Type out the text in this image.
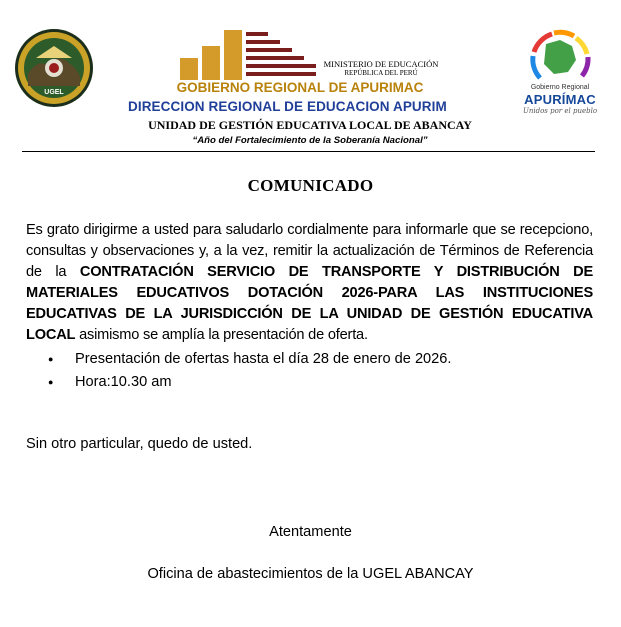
UGEL
MINISTERIO DE EDUCACIÓN
REPÚBLICA DEL PERÚ
GOBIERNO REGIONAL DE APURIMAC
DIRECCION REGIONAL DE EDUCACION APURIM
UNIDAD DE GESTIÓN EDUCATIVA LOCAL DE ABANCAY
“Año del Fortalecimiento de la Soberanía Nacional”
Gobierno Regional
APURÍMAC
Unidos por el pueblo
COMUNICADO
Es grato dirigirme a usted para saludarlo cordialmente para informarle que se recepciono, consultas y observaciones y, a la vez, remitir la actualización de Términos de Referencia de la CONTRATACIÓN SERVICIO DE TRANSPORTE Y DISTRIBUCIÓN DE MATERIALES EDUCATIVOS DOTACIÓN 2026-PARA LAS INSTITUCIONES EDUCATIVAS DE LA JURISDICCIÓN DE LA UNIDAD DE GESTIÓN EDUCATIVA LOCAL asimismo se amplía la presentación de oferta.
● Presentación de ofertas hasta el día 28 de enero de 2026.
● Hora:10.30 am
Sin otro particular, quedo de usted.
Atentamente
Oficina de abastecimientos de la UGEL ABANCAY
